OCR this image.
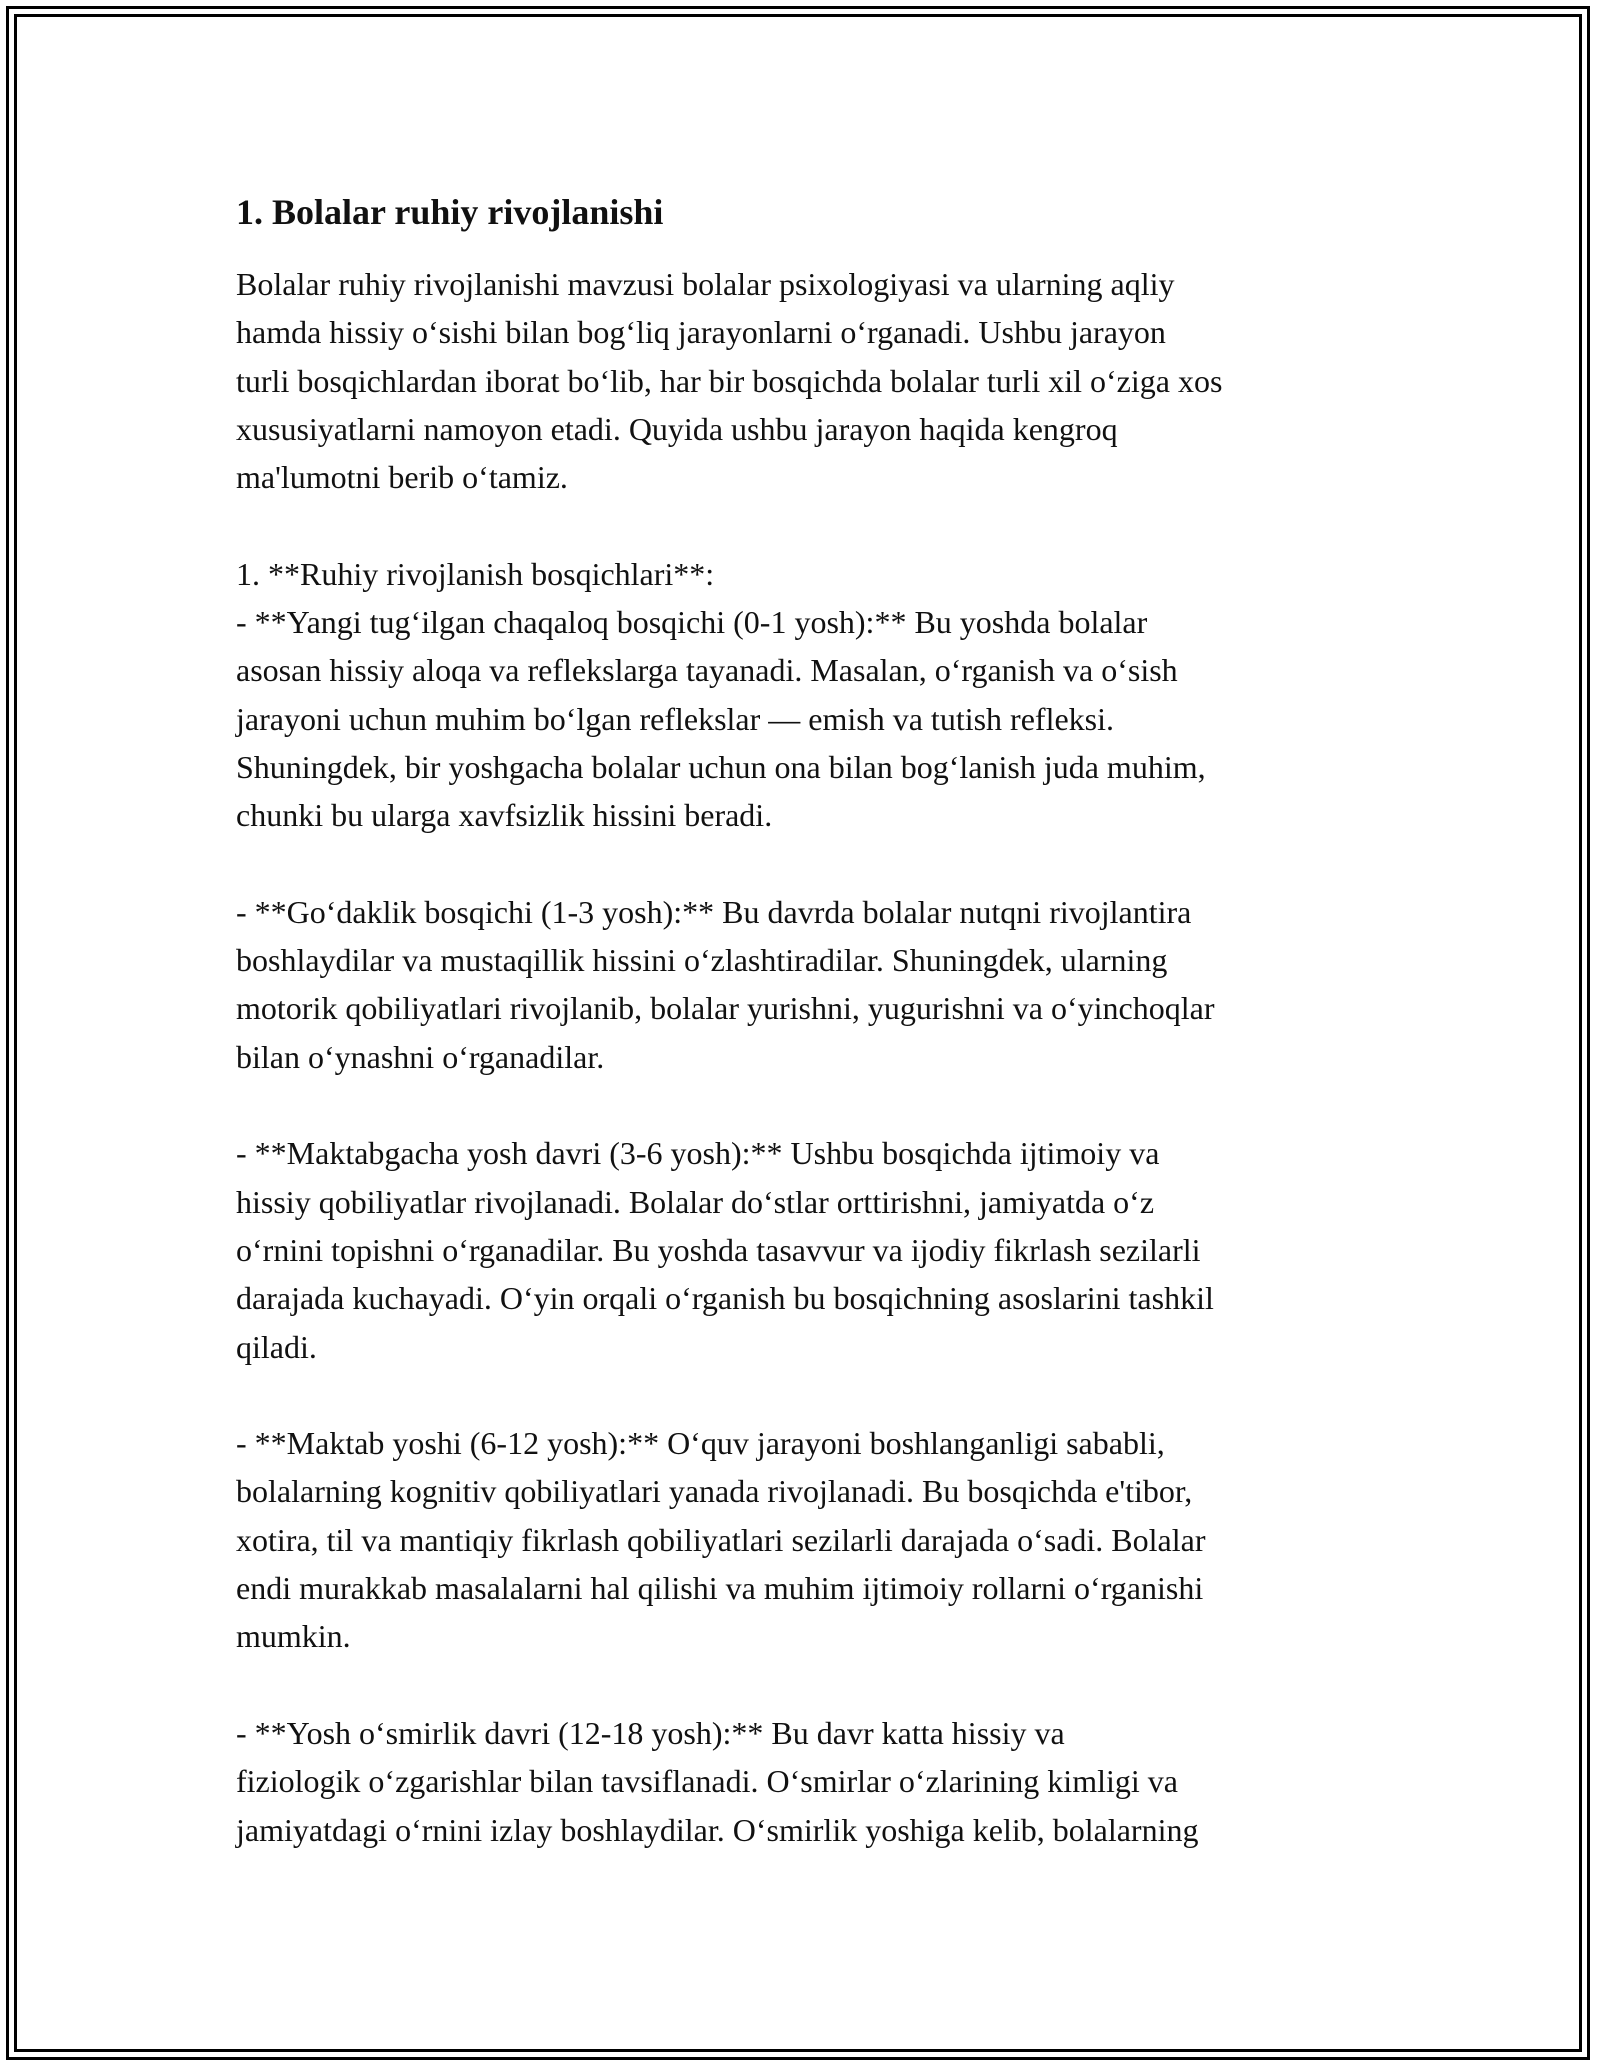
1. Bolalar ruhiy rivojlanishi

Bolalar ruhiy rivojlanishi mavzusi bolalar psixologiyasi va ularning aqliy
hamda hissiy o‘sishi bilan bog‘liq jarayonlarni o‘rganadi. Ushbu jarayon
turli bosqichlardan iborat bo‘lib, har bir bosqichda bolalar turli xil o‘ziga xos
xususiyatlarni namoyon etadi. Quyida ushbu jarayon haqida kengroq
ma'lumotni berib o‘tamiz.

1. **Ruhiy rivojlanish bosqichlari**:
- **Yangi tug‘ilgan chaqaloq bosqichi (0-1 yosh):** Bu yoshda bolalar
asosan hissiy aloqa va reflekslarga tayanadi. Masalan, o‘rganish va o‘sish
jarayoni uchun muhim bo‘lgan reflekslar — emish va tutish refleksi.
Shuningdek, bir yoshgacha bolalar uchun ona bilan bog‘lanish juda muhim,
chunki bu ularga xavfsizlik hissini beradi.

- **Go‘daklik bosqichi (1-3 yosh):** Bu davrda bolalar nutqni rivojlantira
boshlaydilar va mustaqillik hissini o‘zlashtiradilar. Shuningdek, ularning
motorik qobiliyatlari rivojlanib, bolalar yurishni, yugurishni va o‘yinchoqlar
bilan o‘ynashni o‘rganadilar.

- **Maktabgacha yosh davri (3-6 yosh):** Ushbu bosqichda ijtimoiy va
hissiy qobiliyatlar rivojlanadi. Bolalar do‘stlar orttirishni, jamiyatda o‘z
o‘rnini topishni o‘rganadilar. Bu yoshda tasavvur va ijodiy fikrlash sezilarli
darajada kuchayadi. O‘yin orqali o‘rganish bu bosqichning asoslarini tashkil
qiladi.

- **Maktab yoshi (6-12 yosh):** O‘quv jarayoni boshlanganligi sababli,
bolalarning kognitiv qobiliyatlari yanada rivojlanadi. Bu bosqichda e'tibor,
xotira, til va mantiqiy fikrlash qobiliyatlari sezilarli darajada o‘sadi. Bolalar
endi murakkab masalalarni hal qilishi va muhim ijtimoiy rollarni o‘rganishi
mumkin.

- **Yosh o‘smirlik davri (12-18 yosh):** Bu davr katta hissiy va
fiziologik o‘zgarishlar bilan tavsiflanadi. O‘smirlar o‘zlarining kimligi va
jamiyatdagi o‘rnini izlay boshlaydilar. O‘smirlik yoshiga kelib, bolalarning
